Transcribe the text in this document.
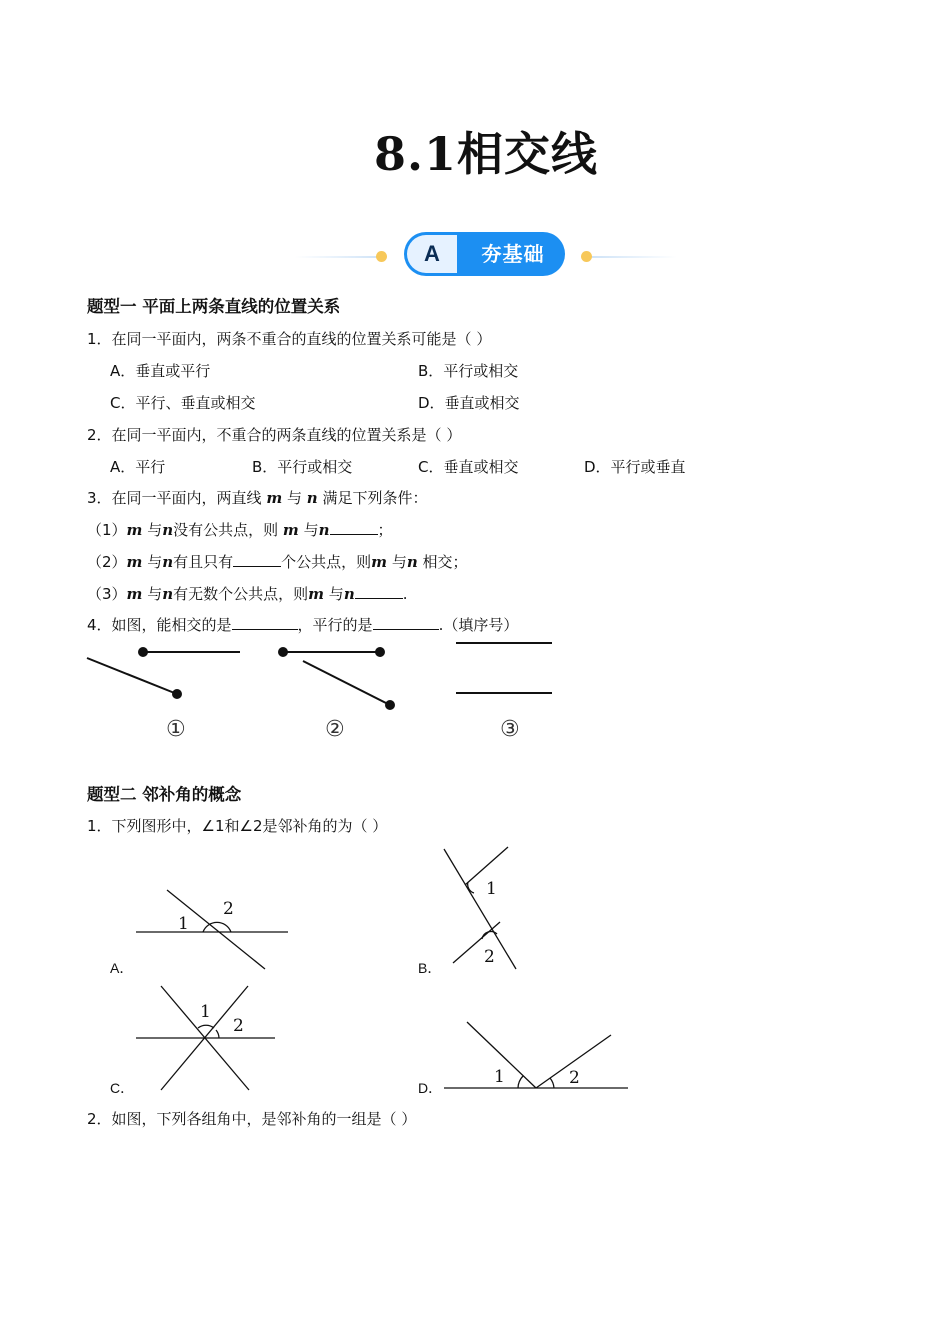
8.1相交线
A	夯基础
题型一 平面上两条直线的位置关系
1．在同一平面内，两条不重合的直线的位置关系可能是（ ）
A．垂直或平行	B．平行或相交
C．平行、垂直或相交	D．垂直或相交
2．在同一平面内，不重合的两条直线的位置关系是（ ）
A．平行	B．平行或相交	C．垂直或相交	D．平行或垂直
3．在同一平面内，两直线 m 与 n 满足下列条件：
（1）m 与n没有公共点，则 m 与n	；
（2）m 与n有且只有	个公共点，则m 与n 相交；
（3）m 与n有无数个公共点，则m 与n	.
4．如图，能相交的是	，平行的是	.（填序号）
①	②	③
题型二 邻补角的概念
1．下列图形中，∠1和∠2是邻补角的为（ ）
A．	B．
C．	D．
1
2
1
2
1
2
1	2
2．如图，下列各组角中，是邻补角的一组是（ ）
